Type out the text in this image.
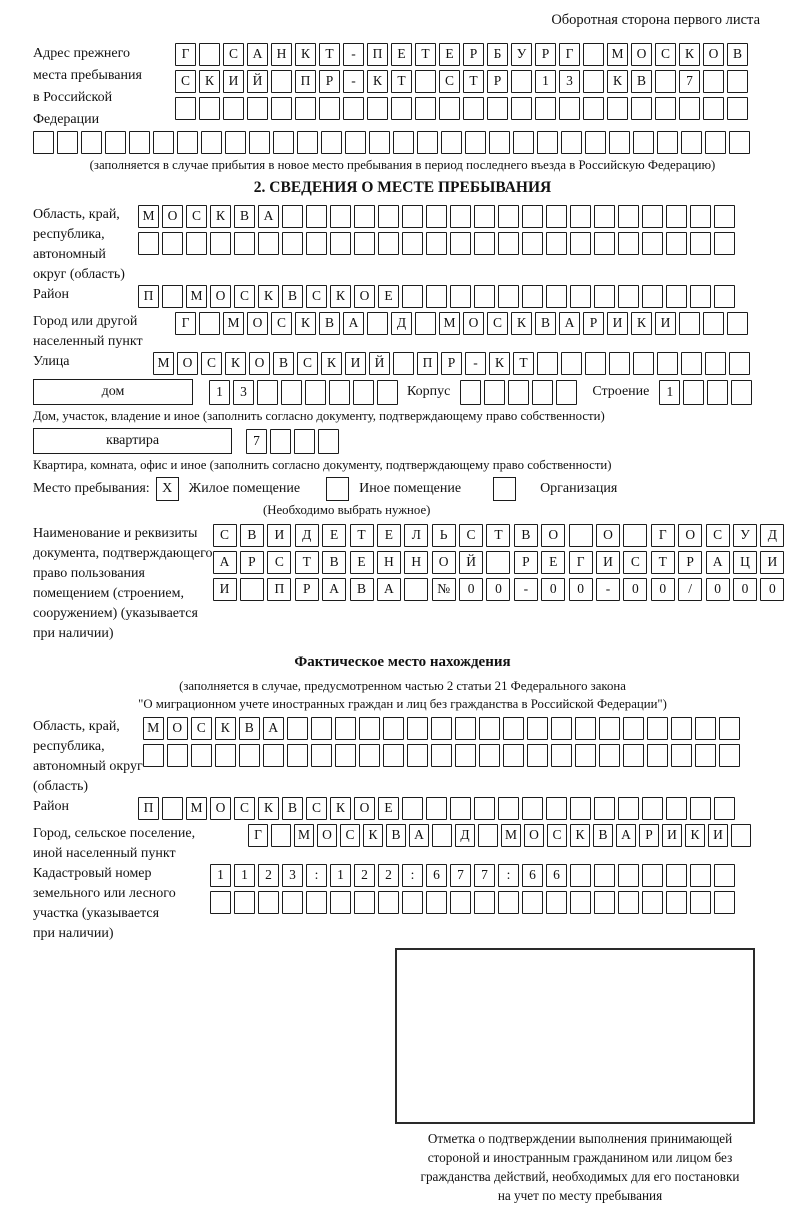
Оборотная сторона первого листа
Адрес прежнего
места пребывания
в Российской
Федерации
Г	С А Н К Т - П Е Т Е Р Б У Р Г	М О С К О В
С К И Й	П Р - К Т	С Т Р	1 3	К В	7
(заполняется в случае прибытия в новое место пребывания в период последнего въезда в Российскую Федерацию)
2. СВЕДЕНИЯ О МЕСТЕ ПРЕБЫВАНИЯ
Область, край,
республика,
автономный
округ (область)
М О С К В А
Район	П	М О С К В С К О Е
Город или другой
населенный пункт
Г	М О С К В А	Д	М О С К В А Р И К И
Улица	М О С К О В С К И Й	П Р - К Т
дом	1 3	Корпус	Строение 1
Дом, участок, владение и иное (заполнить согласно документу, подтверждающему право собственности)
квартира	7
Квартира, комната, офис и иное (заполнить согласно документу, подтверждающему право собственности)
Место пребывания: X	Жилое помещение	Иное помещение	Организация
(Необходимо выбрать нужное)
Наименование и реквизиты
документа, подтверждающего
право пользования
помещением (строением,
сооружением) (указывается
при наличии)
С В И Д Е Т Е Л Ь С Т В О	О	Г О С У Д
А Р С Т В Е Н Н О Й	Р Е Г И С Т Р А Ц И
И	П Р А В А	№ 0 0 - 0 0 - 0 0 / 0 0 0
Фактическое место нахождения
(заполняется в случае, предусмотренном частью 2 статьи 21 Федерального закона
"О миграционном учете иностранных граждан и лиц без гражданства в Российской Федерации")
Область, край,
республика,
автономный округ
(область)
М О С К В А
Район	П	М О С К В С К О Е
Город, сельское поселение,
иной населенный пункт
Г	М О С К В А	Д	М О С К В А Р И К И
Кадастровый номер
земельного или лесного
участка (указывается
при наличии)
1 1 2 3 : 1 2 2 : 6 7 7 : 6 6
Отметка о подтверждении выполнения принимающей
стороной и иностранным гражданином или лицом без
гражданства действий, необходимых для его постановки
на учет по месту пребывания
